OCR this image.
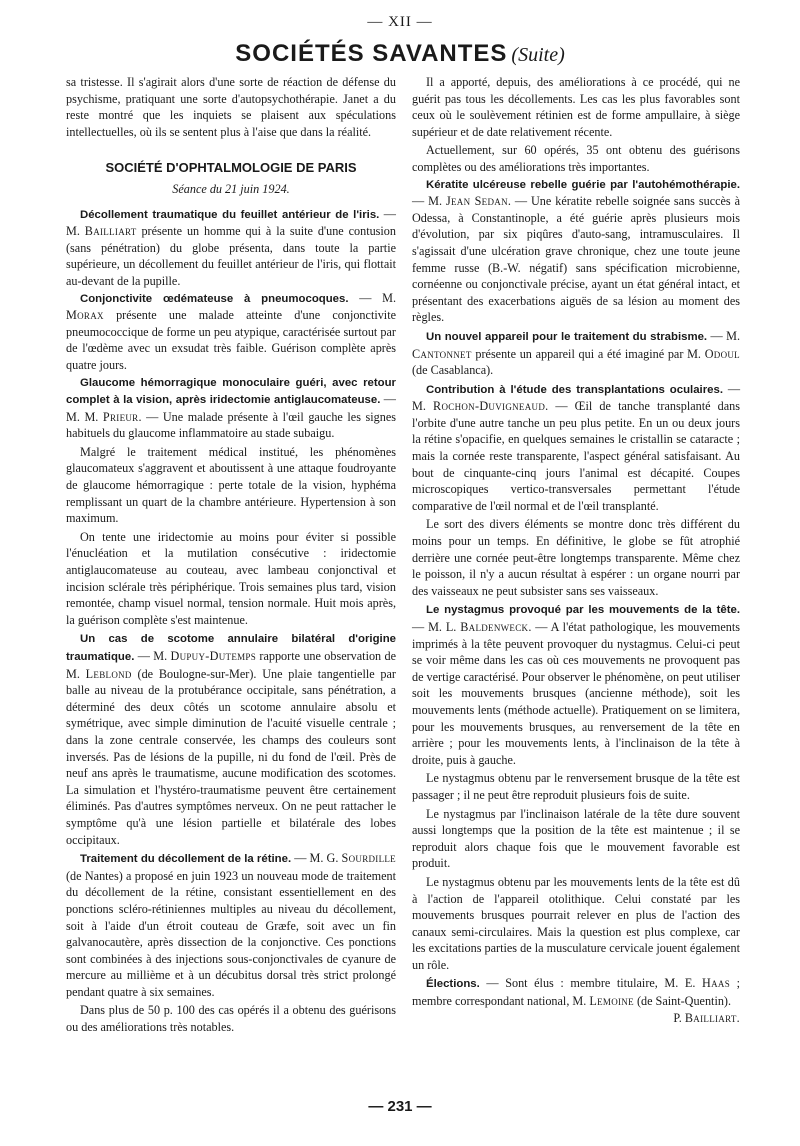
— XII —
SOCIÉTÉS SAVANTES (Suite)

sa tristesse. Il s'agirait alors d'une sorte de réaction de défense du psychisme, pratiquant une sorte d'autopsychothérapie. Janet a du reste montré que les inquiets se plaisent aux spéculations intellectuelles, où ils se sentent plus à l'aise que dans la réalité.

SOCIÉTÉ D'OPHTALMOLOGIE DE PARIS

Séance du 21 juin 1924.

Décollement traumatique du feuillet antérieur de l'iris. — M. Bailliart présente un homme qui à la suite d'une contusion (sans pénétration) du globe présenta, dans toute la partie supérieure, un décollement du feuillet antérieur de l'iris, qui flottait au-devant de la pupille.

Conjonctivite œdémateuse à pneumocoques. — M. Morax présente une malade atteinte d'une conjonctivite pneumococcique de forme un peu atypique, caractérisée surtout par de l'œdème avec un exsudat très faible. Guérison complète après quatre jours.

Glaucome hémorragique monoculaire guéri, avec retour complet à la vision, après iridectomie antiglaucomateuse. — M. M. Prieur. — Une malade présente à l'œil gauche les signes habituels du glaucome inflammatoire au stade subaigu.

Malgré le traitement médical institué, les phénomènes glaucomateux s'aggravent et aboutissent à une attaque foudroyante de glaucome hémorragique : perte totale de la vision, hyphéma remplissant un quart de la chambre antérieure. Hypertension à son maximum.

On tente une iridectomie au moins pour éviter si possible l'énucléation et la mutilation consécutive : iridectomie antiglaucomateuse au couteau, avec lambeau conjonctival et incision sclérale très périphérique. Trois semaines plus tard, vision remontée, champ visuel normal, tension normale. Huit mois après, la guérison complète s'est maintenue.

Un cas de scotome annulaire bilatéral d'origine traumatique. — M. Dupuy-Dutemps rapporte une observation de M. Leblond (de Boulogne-sur-Mer). Une plaie tangentielle par balle au niveau de la protubérance occipitale, sans pénétration, a déterminé des deux côtés un scotome annulaire absolu et symétrique, avec simple diminution de l'acuité visuelle centrale ; dans la zone centrale conservée, les champs des couleurs sont inversés. Pas de lésions de la pupille, ni du fond de l'œil. Près de neuf ans après le traumatisme, aucune modification des scotomes. La simulation et l'hystéro-traumatisme peuvent être certainement éliminés. Pas d'autres symptômes nerveux. On ne peut rattacher le symptôme qu'à une lésion partielle et bilatérale des lobes occipitaux.

Traitement du décollement de la rétine. — M. G. Sourdille (de Nantes) a proposé en juin 1923 un nouveau mode de traitement du décollement de la rétine, consistant essentiellement en des ponctions scléro-rétiniennes multiples au niveau du décollement, soit à l'aide d'un étroit couteau de Græfe, soit avec un fin galvanocautère, après dissection de la conjonctive. Ces ponctions sont combinées à des injections sous-conjonctivales de cyanure de mercure au millième et à un décubitus dorsal très strict prolongé pendant quatre à six semaines.

Dans plus de 50 p. 100 des cas opérés il a obtenu des guérisons ou des améliorations très notables.

Il a apporté, depuis, des améliorations à ce procédé, qui ne guérit pas tous les décollements. Les cas les plus favorables sont ceux où le soulèvement rétinien est de forme ampullaire, à siège supérieur et de date relativement récente.

Actuellement, sur 60 opérés, 35 ont obtenu des guérisons complètes ou des améliorations très importantes.

Kératite ulcéreuse rebelle guérie par l'autohémothérapie. — M. Jean Sedan. — Une kératite rebelle soignée sans succès à Odessa, à Constantinople, a été guérie après plusieurs mois d'évolution, par six piqûres d'auto-sang, intramusculaires. Il s'agissait d'une ulcération grave chronique, chez une toute jeune femme russe (B.-W. négatif) sans spécification microbienne, cornéenne ou conjonctivale précise, ayant un état général intact, et présentant des exacerbations aiguës de sa lésion au moment des règles.

Un nouvel appareil pour le traitement du strabisme. — M. Cantonnet présente un appareil qui a été imaginé par M. Odoul (de Casablanca).

Contribution à l'étude des transplantations oculaires. — M. Rochon-Duvigneaud. — Œil de tanche transplanté dans l'orbite d'une autre tanche un peu plus petite. En un ou deux jours la rétine s'opacifie, en quelques semaines le cristallin se cataracte ; mais la cornée reste transparente, l'aspect général satisfaisant. Au bout de cinquante-cinq jours l'animal est décapité. Coupes microscopiques vertico-transversales permettant l'étude comparative de l'œil normal et de l'œil transplanté.

Le sort des divers éléments se montre donc très différent du moins pour un temps. En définitive, le globe se fût atrophié derrière une cornée peut-être longtemps transparente. Même chez le poisson, il n'y a aucun résultat à espérer : un organe nourri par des vaisseaux ne peut subsister sans ses vaisseaux.

Le nystagmus provoqué par les mouvements de la tête. — M. L. Baldenweck. — A l'état pathologique, les mouvements imprimés à la tête peuvent provoquer du nystagmus. Celui-ci peut se voir même dans les cas où ces mouvements ne provoquent pas de vertige caractérisé. Pour observer le phénomène, on peut utiliser soit les mouvements brusques (ancienne méthode), soit les mouvements lents (méthode actuelle). Pratiquement on se limitera, pour les mouvements brusques, au renversement de la tête en arrière ; pour les mouvements lents, à l'inclinaison de la tête à droite, puis à gauche.

Le nystagmus obtenu par le renversement brusque de la tête est passager ; il ne peut être reproduit plusieurs fois de suite.

Le nystagmus par l'inclinaison latérale de la tête dure souvent aussi longtemps que la position de la tête est maintenue ; il se reproduit alors chaque fois que le mouvement favorable est produit.

Le nystagmus obtenu par les mouvements lents de la tête est dû à l'action de l'appareil otolithique. Celui constaté par les mouvements brusques pourrait relever en plus de l'action des canaux semi-circulaires. Mais la question est plus complexe, car les excitations parties de la musculature cervicale jouent également un rôle.

Élections. — Sont élus : membre titulaire, M. E. Haas ; membre correspondant national, M. Lemoine (de Saint-Quentin).

P. Bailliart.

— 231 —
